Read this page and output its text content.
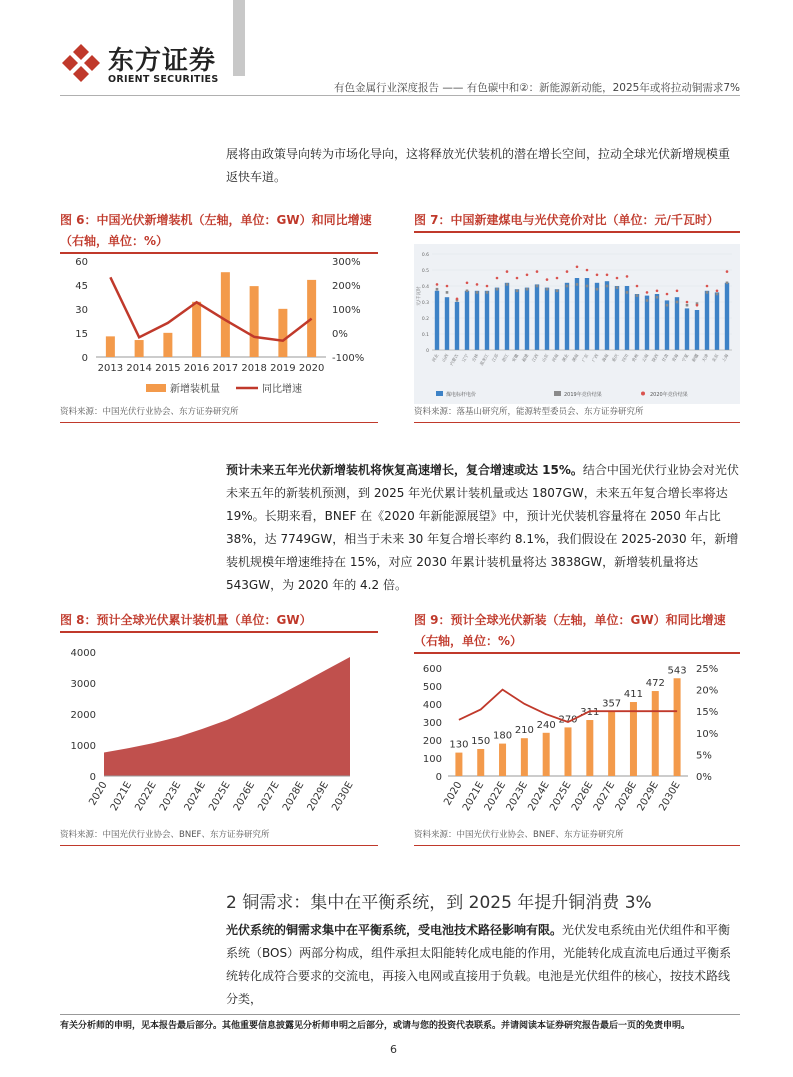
东方证券
ORIENT SECURITIES
有色金属行业深度报告 —— 有色碳中和②：新能源新动能，2025年或将拉动铜需求7%
展将由政策导向转为市场化导向，这将释放光伏装机的潜在增长空间，拉动全球光伏新增规模重返快车道。
图 6：中国光伏新增装机（左轴，单位：GW）和同比增速（右轴，单位：%）
0
15
30
45
60
-100%
0%
100%
200%
300%
2013 2014 2015 2016 2017 2018 2019 2020
新增装机量	同比增速
资料来源：中国光伏行业协会、东方证券研究所
图 7：中国新建煤电与光伏竞价对比（单位：元/千瓦时）
0
0.1
0.2
0.3
0.4
0.5
0.6
元/千瓦时
河北 山西 内蒙古 辽宁 吉林 黑龙江 江苏 浙江 安徽 福建 江西 山东 河南 湖北 湖南 广东 广西 海南 重庆 四川 贵州 云南 陕西 甘肃 青海 宁夏 新疆 天津 北京 上海
煤电标杆电价	2019年竞价结果	2020年竞价结果
资料来源：落基山研究所，能源转型委员会、东方证券研究所
预计未来五年光伏新增装机将恢复高速增长，复合增速或达 15%。结合中国光伏行业协会对光伏未来五年的新装机预测，到 2025 年光伏累计装机量或达 1807GW，未来五年复合增长率将达 19%。长期来看，BNEF 在《2020 年新能源展望》中，预计光伏装机容量将在 2050 年占比 38%，达 7749GW，相当于未来 30 年复合增长率约 8.1%，我们假设在 2025-2030 年，新增装机规模年增速维持在 15%，对应 2030 年累计装机量将达 3838GW，新增装机量将达 543GW，为 2020 年的 4.2 倍。
图 8：预计全球光伏累计装机量（单位：GW）
0
1000
2000
3000
4000
2020 2021E 2022E 2023E 2024E 2025E 2026E 2027E 2028E 2029E 2030E
资料来源：中国光伏行业协会、BNEF、东方证券研究所
图 9：预计全球光伏新装（左轴，单位：GW）和同比增速（右轴，单位：%）
0
100
200
300
400
500
600
0%
5%
10%
15%
20%
25%
130
2020
150
2021E
180
2022E
210
2023E
240
2024E
270
2025E
311
2026E
357
2027E
411
2028E
472
2029E
543
2030E
资料来源：中国光伏行业协会、BNEF、东方证券研究所
2 铜需求：集中在平衡系统，到 2025 年提升铜消费 3%
光伏系统的铜需求集中在平衡系统，受电池技术路径影响有限。光伏发电系统由光伏组件和平衡系统（BOS）两部分构成，组件承担太阳能转化成电能的作用，光能转化成直流电后通过平衡系统转化成符合要求的交流电，再接入电网或直接用于负载。电池是光伏组件的核心，按技术路线分类，
有关分析师的申明，见本报告最后部分。其他重要信息披露见分析师申明之后部分，或请与您的投资代表联系。并请阅读本证券研究报告最后一页的免责申明。
6
